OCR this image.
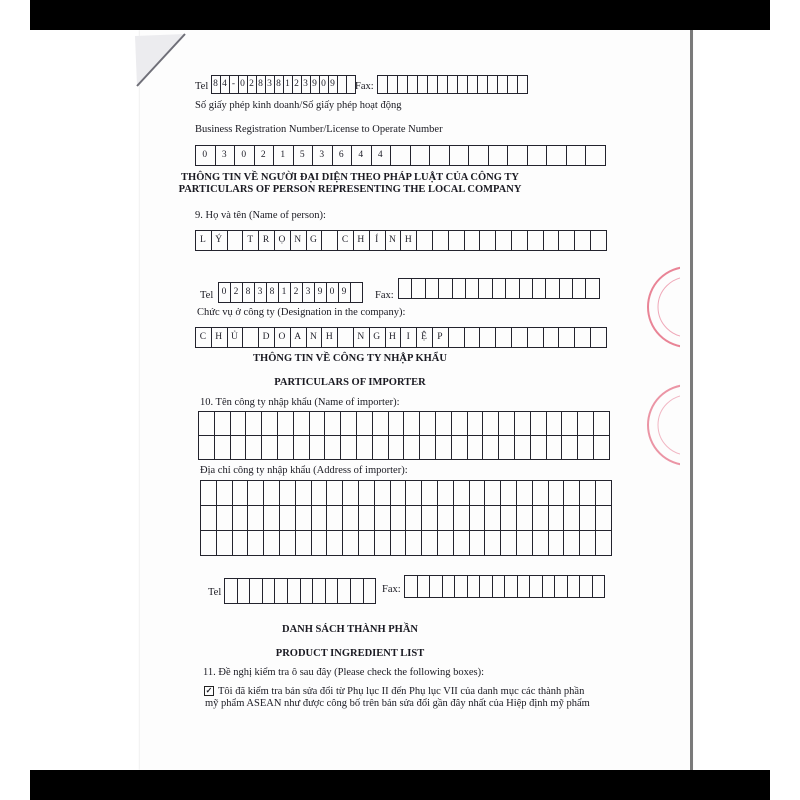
Tel 8 4 - 0 2 8 3 8 1 2 3 9 0 9 Fax:
Số giấy phép kinh doanh/Số giấy phép hoạt động
Business Registration Number/License to Operate Number
0	3	0	2	1	5	3	6	4	4
THÔNG TIN VỀ NGƯỜI ĐẠI DIỆN THEO PHÁP LUẬT CỦA CÔNG TY
PARTICULARS OF PERSON REPRESENTING THE LOCAL COMPANY
9. Họ và tên (Name of person):
L Ý	T R Ọ N G	C H	Í	N H
Tel 0 2 8 3 8 1 2 3 9 0 9	Fax:
Chức vụ ở công ty (Designation in the company):
C H Ủ	D O A N H	N G H	I	Ệ P
THÔNG TIN VỀ CÔNG TY NHẬP KHẨU
PARTICULARS OF IMPORTER
10. Tên công ty nhập khẩu (Name of importer):
Địa chỉ công ty nhập khẩu (Address of importer):
Tel	Fax:
DANH SÁCH THÀNH PHẦN
PRODUCT INGREDIENT LIST
11. Đề nghị kiểm tra ô sau đây (Please check the following boxes):
✓ Tôi đã kiểm tra bản sửa đổi từ Phụ lục II đến Phụ lục VII của danh mục các thành phần
mỹ phẩm ASEAN như được công bố trên bản sửa đổi gần đây nhất của Hiệp định mỹ phẩm
